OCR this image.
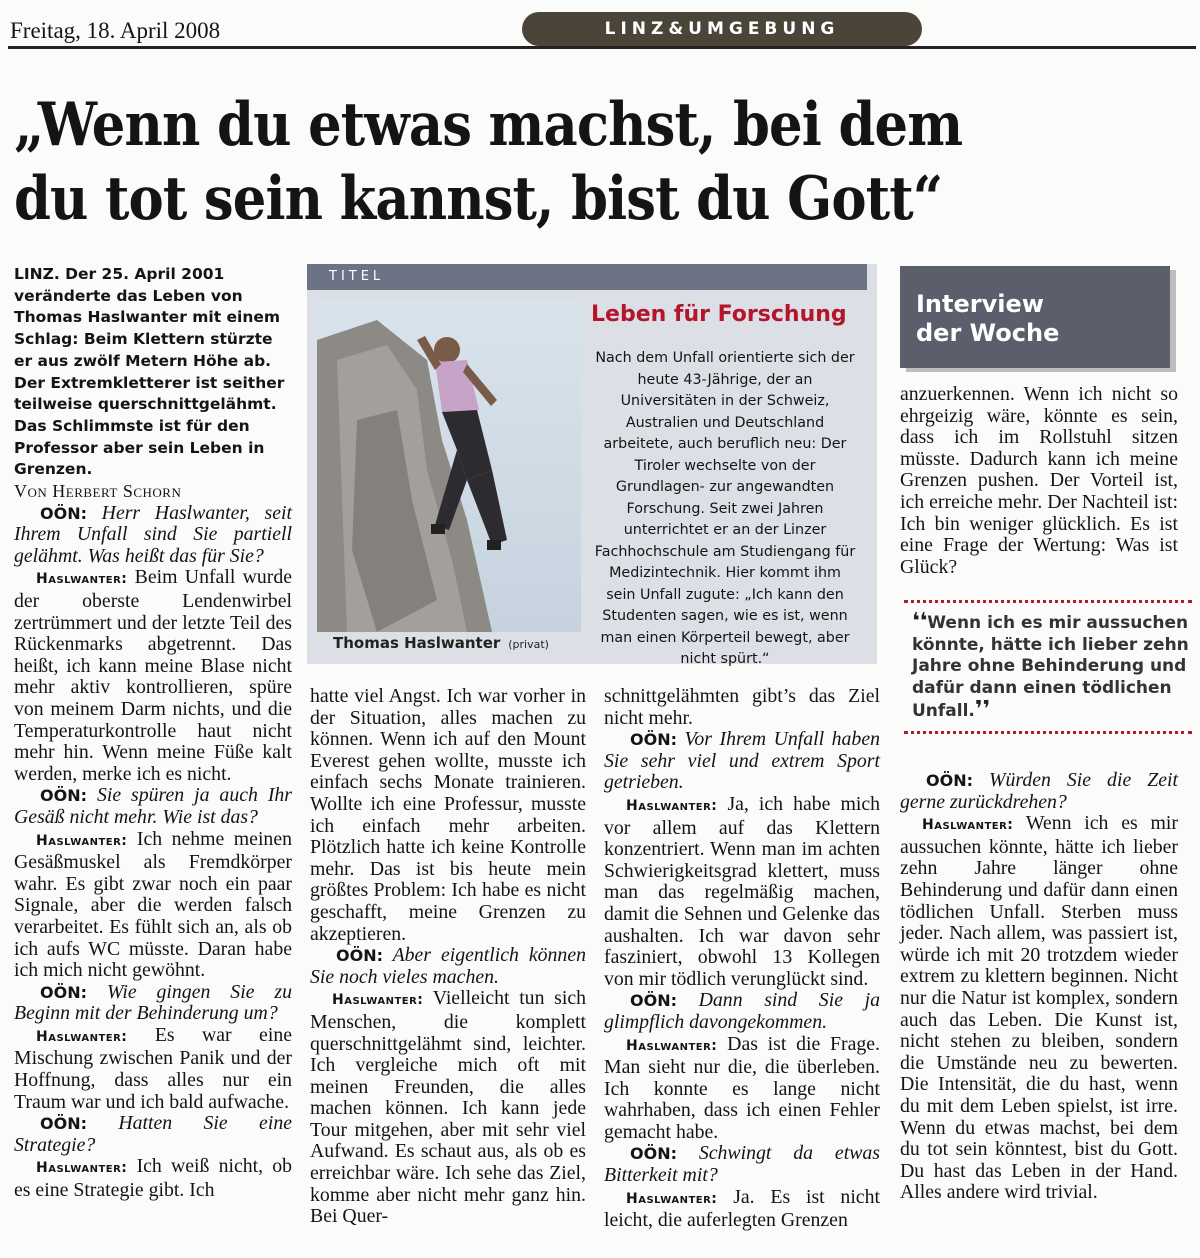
Freitag, 18. April 2008	LINZ&UMGEBUNG
„Wenn du etwas machst, bei dem
du tot sein kannst, bist du Gott“

LINZ. Der 25. April 2001 veränderte das Leben von Thomas Haslwanter mit einem Schlag: Beim Klettern stürzte er aus zwölf Metern Höhe ab. Der Extremkletterer ist seither teilweise querschnittgelähmt. Das Schlimmste ist für den Professor aber sein Leben in Grenzen.

Von Herbert Schorn

OÖN: Herr Haslwanter, seit Ihrem Unfall sind Sie partiell gelähmt. Was heißt das für Sie?

Haslwanter: Beim Unfall wurde der oberste Lendenwirbel zertrümmert und der letzte Teil des Rückenmarks abgetrennt. Das heißt, ich kann meine Blase nicht mehr aktiv kontrollieren, spüre von meinem Darm nichts, und die Temperaturkontrolle haut nicht mehr hin. Wenn meine Füße kalt werden, merke ich es nicht.

OÖN: Sie spüren ja auch Ihr Gesäß nicht mehr. Wie ist das?

Haslwanter: Ich nehme meinen Gesäßmuskel als Fremdkörper wahr. Es gibt zwar noch ein paar Signale, aber die werden falsch verarbeitet. Es fühlt sich an, als ob ich aufs WC müsste. Daran habe ich mich nicht gewöhnt.

OÖN: Wie gingen Sie zu Beginn mit der Behinderung um?

Haslwanter: Es war eine Mischung zwischen Panik und der Hoffnung, dass alles nur ein Traum war und ich bald aufwache.

OÖN: Hatten Sie eine Strategie?

Haslwanter: Ich weiß nicht, ob es eine Strategie gibt. Ich

TITEL
Thomas Haslwanter (privat)
Leben für Forschung

Nach dem Unfall orientierte sich der heute 43-Jährige, der an Universitäten in der Schweiz, Australien und Deutschland arbeitete, auch beruflich neu: Der Tiroler wechselte von der Grundlagen- zur angewandten Forschung. Seit zwei Jahren unterrichtet er an der Linzer Fachhochschule am Studiengang für Medizintechnik. Hier kommt ihm sein Unfall zugute: „Ich kann den Studenten sagen, wie es ist, wenn man einen Körperteil bewegt, aber nicht spürt.“

Interview
der Woche

hatte viel Angst. Ich war vorher in der Situation, alles machen zu können. Wenn ich auf den Mount Everest gehen wollte, musste ich einfach sechs Monate trainieren. Wollte ich eine Professur, musste ich einfach mehr arbeiten. Plötzlich hatte ich keine Kontrolle mehr. Das ist bis heute mein größtes Problem: Ich habe es nicht geschafft, meine Grenzen zu akzeptieren.

OÖN: Aber eigentlich können Sie noch vieles machen.

Haslwanter: Vielleicht tun sich Menschen, die komplett querschnittgelähmt sind, leichter. Ich vergleiche mich oft mit meinen Freunden, die alles machen können. Ich kann jede Tour mitgehen, aber mit sehr viel Aufwand. Es schaut aus, als ob es erreichbar wäre. Ich sehe das Ziel, komme aber nicht mehr ganz hin. Bei Quer-

schnittgelähmten gibt’s das Ziel nicht mehr.

OÖN: Vor Ihrem Unfall haben Sie sehr viel und extrem Sport getrieben.

Haslwanter: Ja, ich habe mich vor allem auf das Klettern konzentriert. Wenn man im achten Schwierigkeitsgrad klettert, muss man das regelmäßig machen, damit die Sehnen und Gelenke das aushalten. Ich war davon sehr fasziniert, obwohl 13 Kollegen von mir tödlich verunglückt sind.

OÖN: Dann sind Sie ja glimpflich davongekommen.

Haslwanter: Das ist die Frage. Man sieht nur die, die überleben. Ich konnte es lange nicht wahrhaben, dass ich einen Fehler gemacht habe.

OÖN: Schwingt da etwas Bitterkeit mit?

Haslwanter: Ja. Es ist nicht leicht, die auferlegten Grenzen

anzuerkennen. Wenn ich nicht so ehrgeizig wäre, könnte es sein, dass ich im Rollstuhl sitzen müsste. Dadurch kann ich meine Grenzen pushen. Der Vorteil ist, ich erreiche mehr. Der Nachteil ist: Ich bin weniger glücklich. Es ist eine Frage der Wertung: Was ist Glück?

❛❛Wenn ich es mir aussuchen könnte, hätte ich lieber zehn Jahre ohne Behinderung und dafür dann einen tödlichen Unfall.❜❜

OÖN: Würden Sie die Zeit gerne zurückdrehen?

Haslwanter: Wenn ich es mir aussuchen könnte, hätte ich lieber zehn Jahre länger ohne Behinderung und dafür dann einen tödlichen Unfall. Sterben muss jeder. Nach allem, was passiert ist, würde ich mit 20 trotzdem wieder extrem zu klettern beginnen. Nicht nur die Natur ist komplex, sondern auch das Leben. Die Kunst ist, nicht stehen zu bleiben, sondern die Umstände neu zu bewerten. Die Intensität, die du hast, wenn du mit dem Leben spielst, ist irre. Wenn du etwas machst, bei dem du tot sein könntest, bist du Gott. Du hast das Leben in der Hand. Alles andere wird trivial.
